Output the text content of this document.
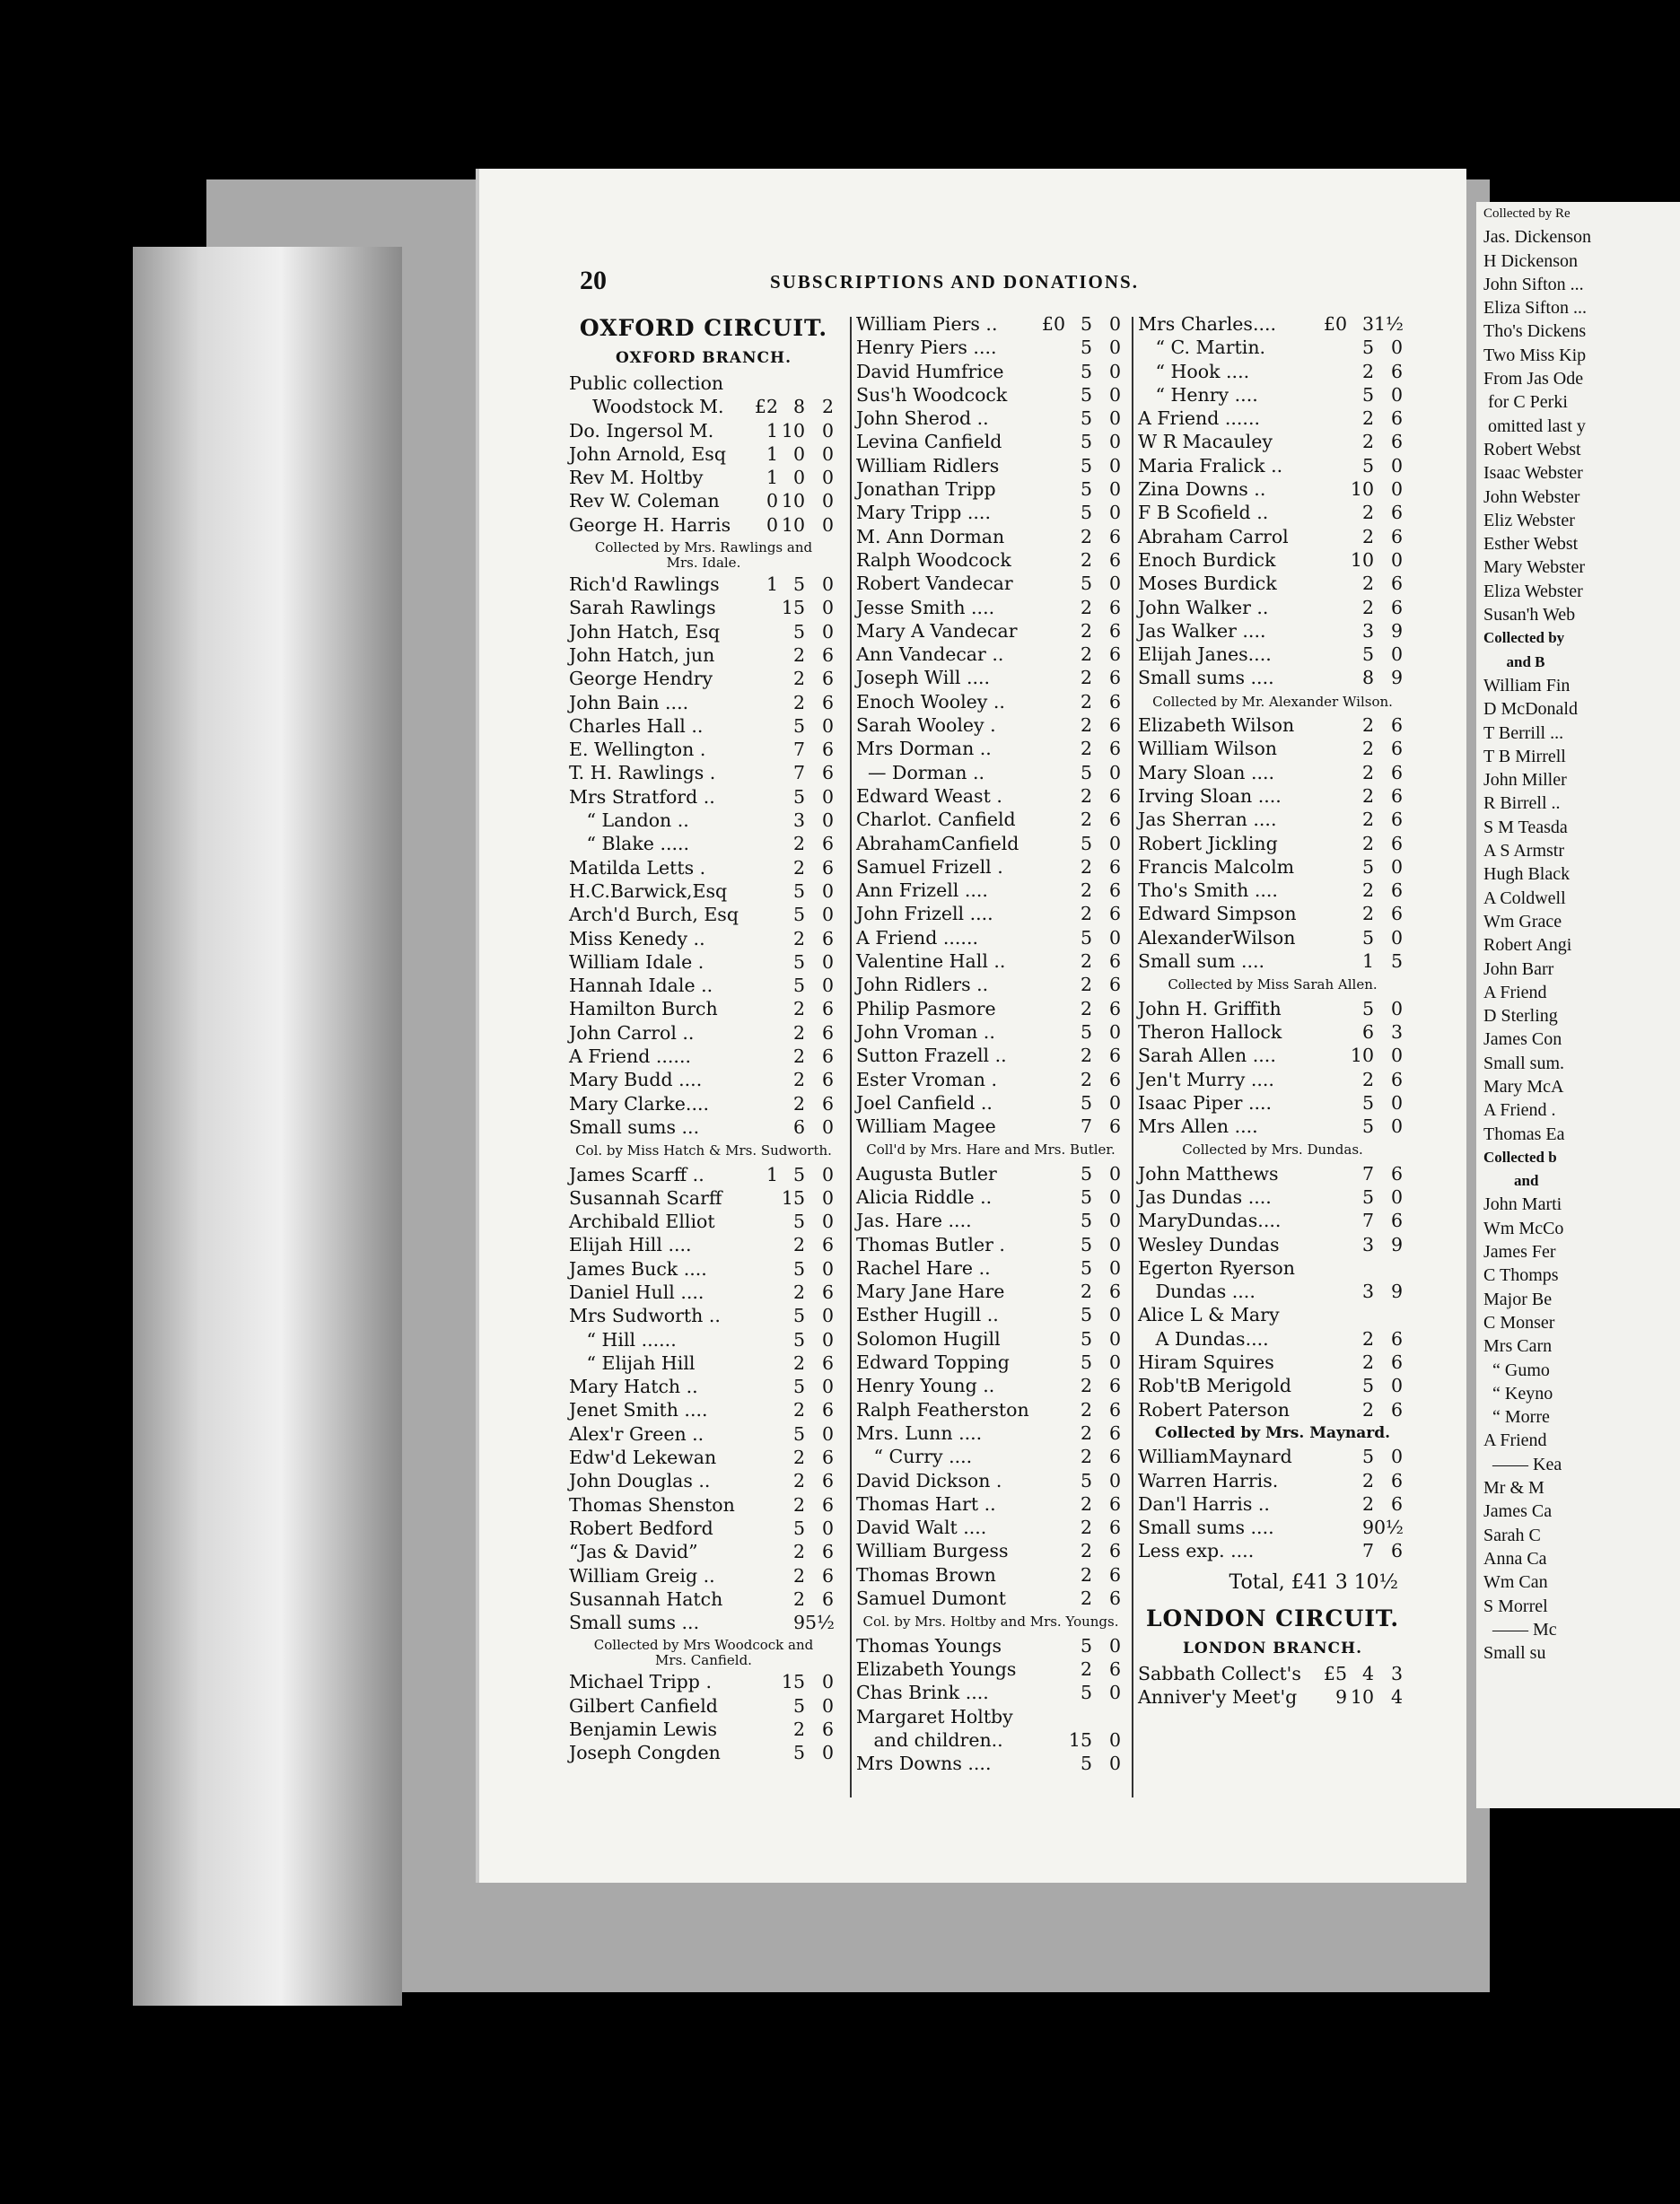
20	SUBSCRIPTIONS AND DONATIONS.
OXFORD CIRCUIT.
OXFORD BRANCH.
Public collection
Woodstock M.	£2 8 2
Do. Ingersol M.	1 10 0
John Arnold, Esq	1 0 0
Rev M. Holtby	1 0 0
Rev W. Coleman	0 10 0
George H. Harris	0 10 0
Collected by Mrs. Rawlings and
Mrs. Idale.
Rich'd Rawlings	1 5 0
Sarah Rawlings	15 0
John Hatch, Esq	5 0
John Hatch, jun	2 6
George Hendry	2 6
John Bain ....	2 6
Charles Hall ..	5 0
E. Wellington .	7 6
T. H. Rawlings .	7 6
Mrs Stratford ..	5 0
“ Landon ..	3 0
“ Blake .....	2 6
Matilda Letts .	2 6
H.C.Barwick,Esq	5 0
Arch'd Burch, Esq	5 0
Miss Kenedy ..	2 6
William Idale .	5 0
Hannah Idale ..	5 0
Hamilton Burch	2 6
John Carrol ..	2 6
A Friend ......	2 6
Mary Budd ....	2 6
Mary Clarke....	2 6
Small sums ...	6 0
Col. by Miss Hatch & Mrs. Sudworth.
James Scarff ..	1 5 0
Susannah Scarff	15 0
Archibald Elliot	5 0
Elijah Hill ....	2 6
James Buck ....	5 0
Daniel Hull ....	2 6
Mrs Sudworth ..	5 0
“ Hill ......	5 0
“ Elijah Hill	2 6
Mary Hatch ..	5 0
Jenet Smith ....	2 6
Alex'r Green ..	5 0
Edw'd Lekewan	2 6
John Douglas ..	2 6
Thomas Shenston	2 6
Robert Bedford	5 0
“Jas & David”	2 6
William Greig ..	2 6
Susannah Hatch	2 6
Small sums ...	9 5½
Collected by Mrs Woodcock and
Mrs. Canfield.
Michael Tripp .	15 0
Gilbert Canfield	5 0
Benjamin Lewis	2 6
Joseph Congden	5 0
William Piers ..	£0 5 0
Henry Piers ....	5 0
David Humfrice	5 0
Sus'h Woodcock	5 0
John Sherod ..	5 0
Levina Canfield	5 0
William Ridlers	5 0
Jonathan Tripp	5 0
Mary Tripp ....	5 0
M. Ann Dorman	2 6
Ralph Woodcock	2 6
Robert Vandecar	5 0
Jesse Smith ....	2 6
Mary A Vandecar	2 6
Ann Vandecar ..	2 6
Joseph Will ....	2 6
Enoch Wooley ..	2 6
Sarah Wooley .	2 6
Mrs Dorman ..	2 6
— Dorman ..	5 0
Edward Weast .	2 6
Charlot. Canfield	2 6
AbrahamCanfield	5 0
Samuel Frizell .	2 6
Ann Frizell ....	2 6
John Frizell ....	2 6
A Friend ......	5 0
Valentine Hall ..	2 6
John Ridlers ..	2 6
Philip Pasmore	2 6
John Vroman ..	5 0
Sutton Frazell ..	2 6
Ester Vroman .	2 6
Joel Canfield ..	5 0
William Magee	7 6
Coll'd by Mrs. Hare and Mrs. Butler.
Augusta Butler	5 0
Alicia Riddle ..	5 0
Jas. Hare ....	5 0
Thomas Butler .	5 0
Rachel Hare ..	5 0
Mary Jane Hare	2 6
Esther Hugill ..	5 0
Solomon Hugill	5 0
Edward Topping	5 0
Henry Young ..	2 6
Ralph Featherston	2 6
Mrs. Lunn ....	2 6
“ Curry ....	2 6
David Dickson .	5 0
Thomas Hart ..	2 6
David Walt ....	2 6
William Burgess	2 6
Thomas Brown	2 6
Samuel Dumont	2 6
Col. by Mrs. Holtby and Mrs. Youngs.
Thomas Youngs	5 0
Elizabeth Youngs	2 6
Chas Brink ....	5 0
Margaret Holtby
and children..	15 0
Mrs Downs ....	5 0
Mrs Charles....	£0 3 1½
“ C. Martin.	5 0
“ Hook ....	2 6
“ Henry ....	5 0
A Friend ......	2 6
W R Macauley	2 6
Maria Fralick ..	5 0
Zina Downs ..	10 0
F B Scofield ..	2 6
Abraham Carrol	2 6
Enoch Burdick	10 0
Moses Burdick	2 6
John Walker ..	2 6
Jas Walker ....	3 9
Elijah Janes....	5 0
Small sums ....	8 9
Collected by Mr. Alexander Wilson.
Elizabeth Wilson	2 6
William Wilson	2 6
Mary Sloan ....	2 6
Irving Sloan ....	2 6
Jas Sherran ....	2 6
Robert Jickling	2 6
Francis Malcolm	5 0
Tho's Smith ....	2 6
Edward Simpson	2 6
AlexanderWilson	5 0
Small sum ....	1 5
Collected by Miss Sarah Allen.
John H. Griffith	5 0
Theron Hallock	6 3
Sarah Allen ....	10 0
Jen't Murry ....	2 6
Isaac Piper ....	5 0
Mrs Allen ....	5 0
Collected by Mrs. Dundas.
John Matthews	7 6
Jas Dundas ....	5 0
MaryDundas....	7 6
Wesley Dundas	3 9
Egerton Ryerson
Dundas ....	3 9
Alice L & Mary
A Dundas....	2 6
Hiram Squires	2 6
Rob'tB Merigold	5 0
Robert Paterson	2 6
Collected by Mrs. Maynard.
WilliamMaynard	5 0
Warren Harris.	2 6
Dan'l Harris ..	2 6
Small sums ....	9 0½
Less exp. ....	7 6
Total, £41 3 10½
LONDON CIRCUIT.
LONDON BRANCH.
Sabbath Collect's	£5 4 3
Anniver'y Meet'g	9 10 4
Collected by Re
Jas. Dickenson
H Dickenson
John Sifton ...
Eliza Sifton ...
Tho's Dickens
Two Miss Kip
From Jas Ode
for C Perki
omitted last y
Robert Webst
Isaac Webster
John Webster
Eliz Webster
Esther Webst
Mary Webster
Eliza Webster
Susan'h Web
Collected by
and B
William Fin
D McDonald
T Berrill ...
T B Mirrell
John Miller
R Birrell ..
S M Teasda
A S Armstr
Hugh Black
A Coldwell
Wm Grace
Robert Angi
John Barr
A Friend
D Sterling
James Con
Small sum.
Mary McA
A Friend .
Thomas Ea
Collected b
and
John Marti
Wm McCo
James Fer
C Thomps
Major Be
C Monser
Mrs Carn
“ Gumo
“ Keyno
“ Morre
A Friend
—— Kea
Mr & M
James Ca
Sarah C
Anna Ca
Wm Can
S Morrel
—— Mc
Small su
